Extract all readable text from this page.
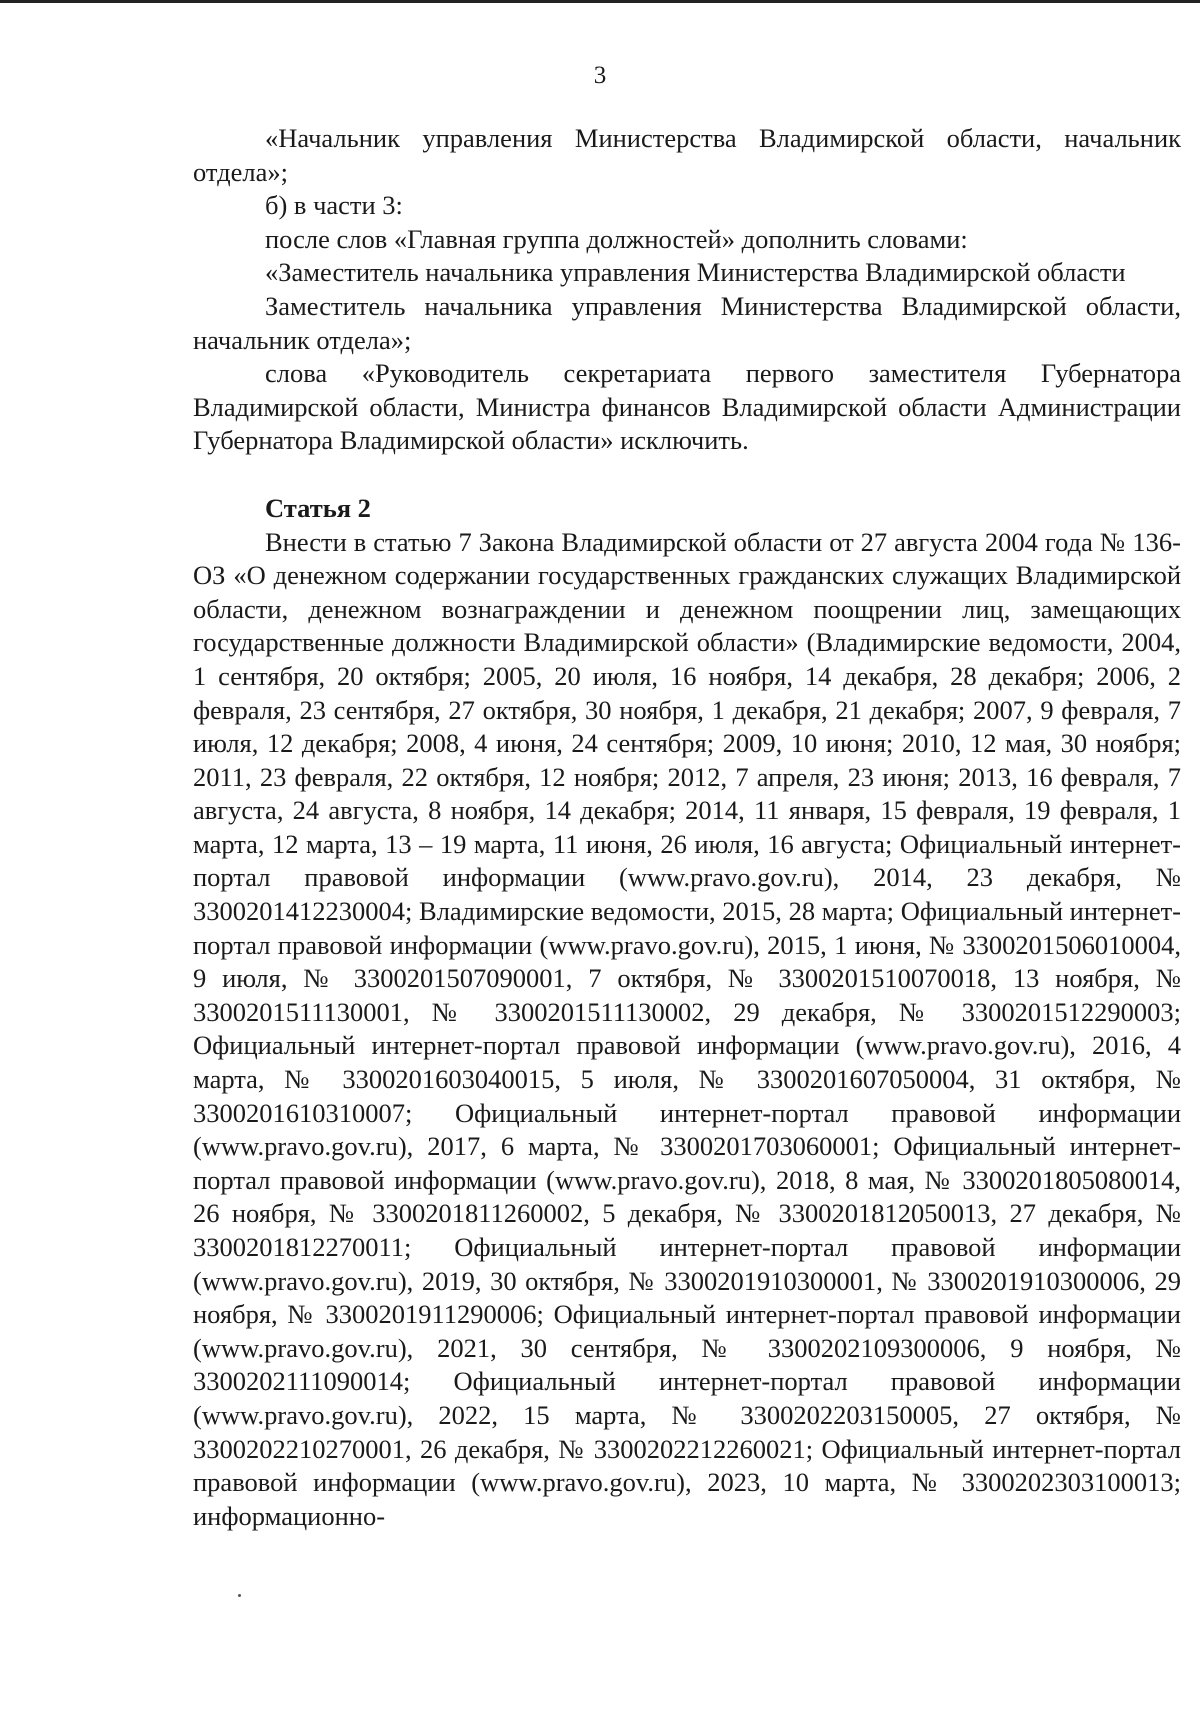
3

«Начальник управления Министерства Владимирской области, начальник отдела»;

б) в части 3:

после слов «Главная группа должностей» дополнить словами:

«Заместитель начальника управления Министерства Владимирской области

Заместитель начальника управления Министерства Владимирской области, начальник отдела»;

слова «Руководитель секретариата первого заместителя Губернатора Владимирской области, Министра финансов Владимирской области Администрации Губернатора Владимирской области» исключить.

Статья 2

Внести в статью 7 Закона Владимирской области от 27 августа 2004 года № 136-ОЗ «О денежном содержании государственных гражданских служащих Владимирской области, денежном вознаграждении и денежном поощрении лиц, замещающих государственные должности Владимирской области» (Владимирские ведомости, 2004, 1 сентября, 20 октября; 2005, 20 июля, 16 ноября, 14 декабря, 28 декабря; 2006, 2 февраля, 23 сентября, 27 октября, 30 ноября, 1 декабря, 21 декабря; 2007, 9 февраля, 7 июля, 12 декабря; 2008, 4 июня, 24 сентября; 2009, 10 июня; 2010, 12 мая, 30 ноября; 2011, 23 февраля, 22 октября, 12 ноября; 2012, 7 апреля, 23 июня; 2013, 16 февраля, 7 августа, 24 августа, 8 ноября, 14 декабря; 2014, 11 января, 15 февраля, 19 февраля, 1 марта, 12 марта, 13 – 19 марта, 11 июня, 26 июля, 16 августа; Официальный интернет-портал правовой информации (www.pravo.gov.ru), 2014, 23 декабря, № 3300201412230004; Владимирские ведомости, 2015, 28 марта; Официальный интернет-портал правовой информации (www.pravo.gov.ru), 2015, 1 июня, № 3300201506010004, 9 июля, № 3300201507090001, 7 октября, № 3300201510070018, 13 ноября, № 3300201511130001, № 3300201511130002, 29 декабря, № 3300201512290003; Официальный интернет-портал правовой информации (www.pravo.gov.ru), 2016, 4 марта, № 3300201603040015, 5 июля, № 3300201607050004, 31 октября, № 3300201610310007; Официальный интернет-портал правовой информации (www.pravo.gov.ru), 2017, 6 марта, № 3300201703060001; Официальный интернет-портал правовой информации (www.pravo.gov.ru), 2018, 8 мая, № 3300201805080014, 26 ноября, № 3300201811260002, 5 декабря, № 3300201812050013, 27 декабря, № 3300201812270011; Официальный интернет-портал правовой информации (www.pravo.gov.ru), 2019, 30 октября, № 3300201910300001, № 3300201910300006, 29 ноября, № 3300201911290006; Официальный интернет-портал правовой информации (www.pravo.gov.ru), 2021, 30 сентября, № 3300202109300006, 9 ноября, № 3300202111090014; Официальный интернет-портал правовой информации (www.pravo.gov.ru), 2022, 15 марта, № 3300202203150005, 27 октября, № 3300202210270001, 26 декабря, № 3300202212260021; Официальный интернет-портал правовой информации (www.pravo.gov.ru), 2023, 10 марта, № 3300202303100013; информационно-
